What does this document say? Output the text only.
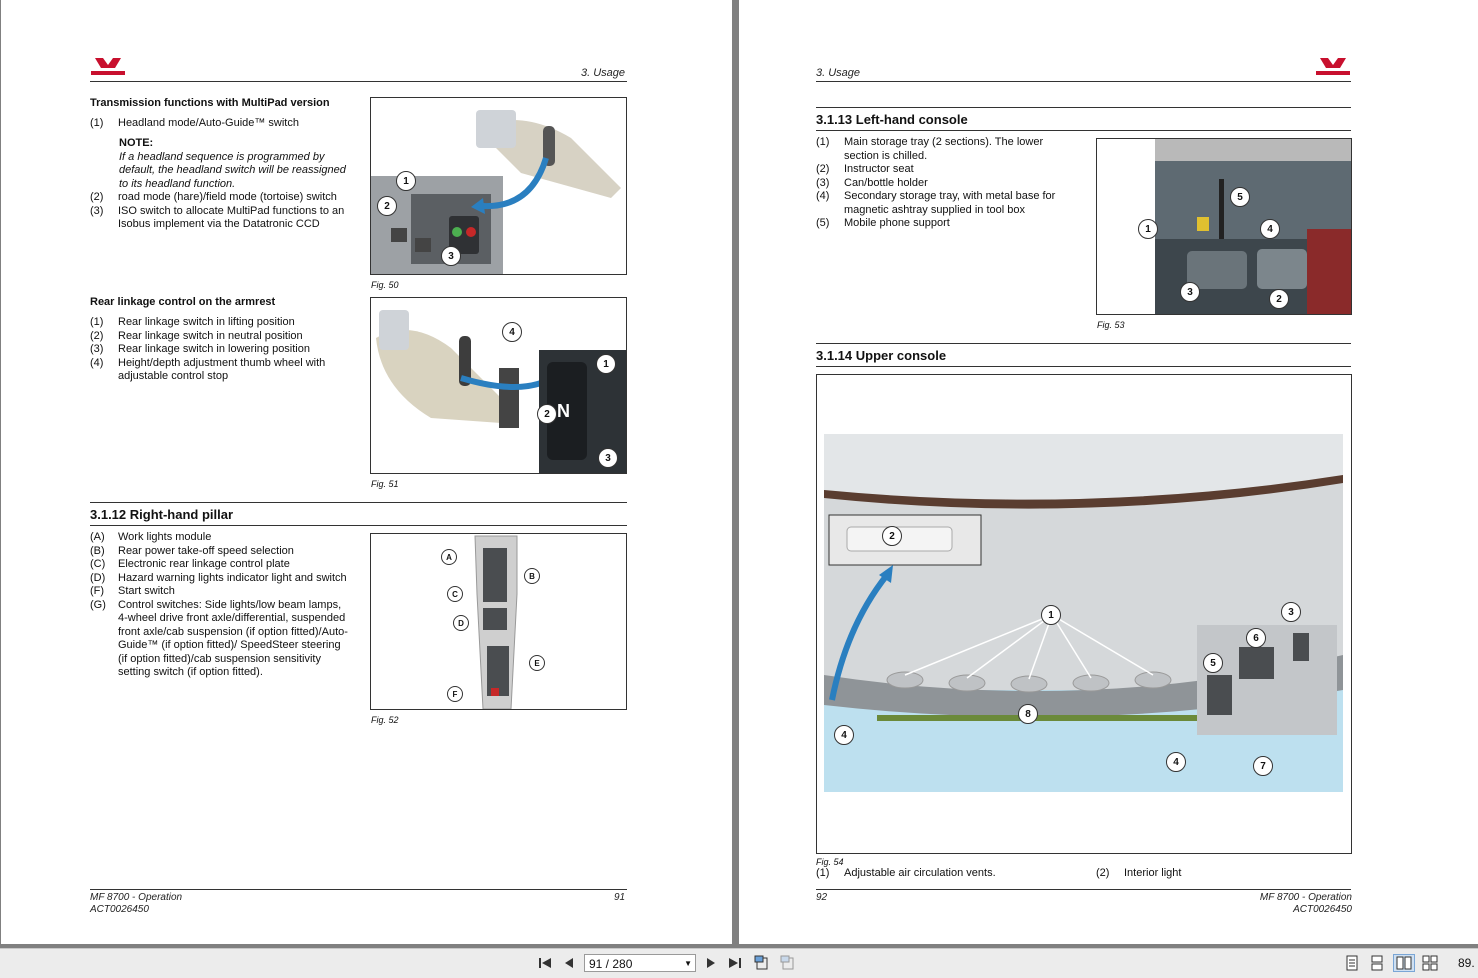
3. Usage
Transmission functions with MultiPad version
(1)	Headland mode/Auto-Guide™ switch
NOTE:
If a headland sequence is programmed by default, the headland switch will be reassigned to its headland function.
(2)	road mode (hare)/field mode (tortoise) switch
(3)	ISO switch to allocate MultiPad functions to an Isobus implement via the Datatronic CCD
1
2
3
Fig. 50
Rear linkage control on the armrest
(1)	Rear linkage switch in lifting position
(2)	Rear linkage switch in neutral position
(3)	Rear linkage switch in lowering position
(4)	Height/depth adjustment thumb wheel with adjustable control stop
N
4
1
2
3
Fig. 51
3.1.12 Right-hand pillar
(A)	Work lights module
(B)	Rear power take-off speed selection
(C)	Electronic rear linkage control plate
(D)	Hazard warning lights indicator light and switch
(F)	Start switch
(G)	Control switches: Side lights/low beam lamps, 4-wheel drive front axle/differential, suspended front axle/cab suspension (if option fitted)/Auto-Guide™ (if option fitted)/ SpeedSteer steering (if option fitted)/cab suspension sensitivity setting switch (if option fitted).
A
B
C
D
E
F
Fig. 52
MF 8700 - Operation
ACT0026450
91
3. Usage
3.1.13 Left-hand console
(1)	Main storage tray (2 sections). The lower section is chilled.
(2)	Instructor seat
(3)	Can/bottle holder
(4)	Secondary storage tray, with metal base for magnetic ashtray supplied in tool box
(5)	Mobile phone support
5
1	4
3
2
Fig. 53
3.1.14 Upper console
2
1	3
6
5
8
4
4	7
Fig. 54
(1)	Adjustable air circulation vents.	(2)	Interior light
92	MF 8700 - Operation
ACT0026450
91 / 280	▼	89.
